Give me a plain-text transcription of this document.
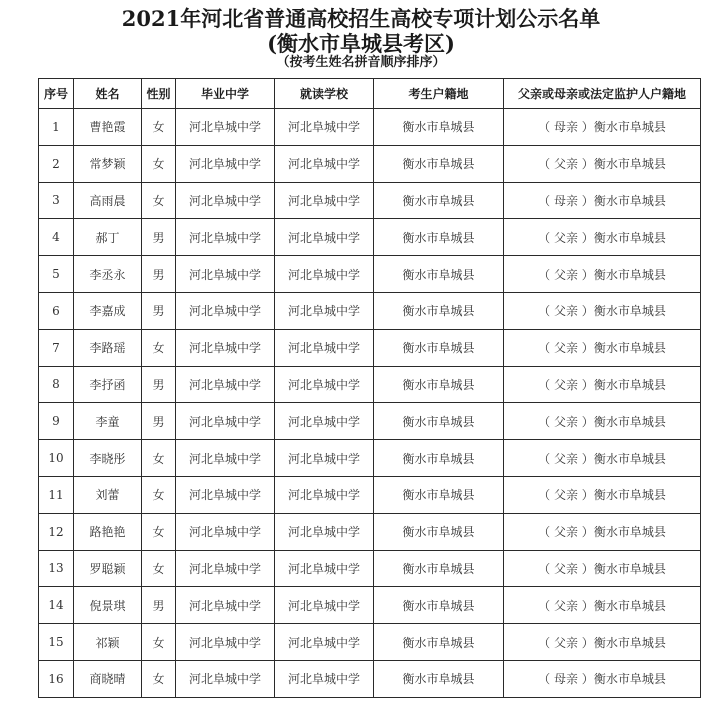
2021年河北省普通高校招生高校专项计划公示名单
(衡水市阜城县考区)
（按考生姓名拼音顺序排序）
序号	姓名	性别	毕业中学	就读学校	考生户籍地	父亲或母亲或法定监护人户籍地
1	曹艳霞	女	河北阜城中学	河北阜城中学	衡水市阜城县	（ 母亲 ）衡水市阜城县
2	常梦颖	女	河北阜城中学	河北阜城中学	衡水市阜城县	（ 父亲 ）衡水市阜城县
3	高雨晨	女	河北阜城中学	河北阜城中学	衡水市阜城县	（ 母亲 ）衡水市阜城县
4	郝丁	男	河北阜城中学	河北阜城中学	衡水市阜城县	（ 父亲 ）衡水市阜城县
5	李丞永	男	河北阜城中学	河北阜城中学	衡水市阜城县	（ 父亲 ）衡水市阜城县
6	李嘉成	男	河北阜城中学	河北阜城中学	衡水市阜城县	（ 父亲 ）衡水市阜城县
7	李路瑶	女	河北阜城中学	河北阜城中学	衡水市阜城县	（ 父亲 ）衡水市阜城县
8	李抒函	男	河北阜城中学	河北阜城中学	衡水市阜城县	（ 父亲 ）衡水市阜城县
9	李童	男	河北阜城中学	河北阜城中学	衡水市阜城县	（ 父亲 ）衡水市阜城县
10	李晓彤	女	河北阜城中学	河北阜城中学	衡水市阜城县	（ 父亲 ）衡水市阜城县
11	刘蕾	女	河北阜城中学	河北阜城中学	衡水市阜城县	（ 父亲 ）衡水市阜城县
12	路艳艳	女	河北阜城中学	河北阜城中学	衡水市阜城县	（ 父亲 ）衡水市阜城县
13	罗聪颖	女	河北阜城中学	河北阜城中学	衡水市阜城县	（ 父亲 ）衡水市阜城县
14	倪景琪	男	河北阜城中学	河北阜城中学	衡水市阜城县	（ 父亲 ）衡水市阜城县
15	祁颖	女	河北阜城中学	河北阜城中学	衡水市阜城县	（ 父亲 ）衡水市阜城县
16	商晓晴	女	河北阜城中学	河北阜城中学	衡水市阜城县	（ 母亲 ）衡水市阜城县
